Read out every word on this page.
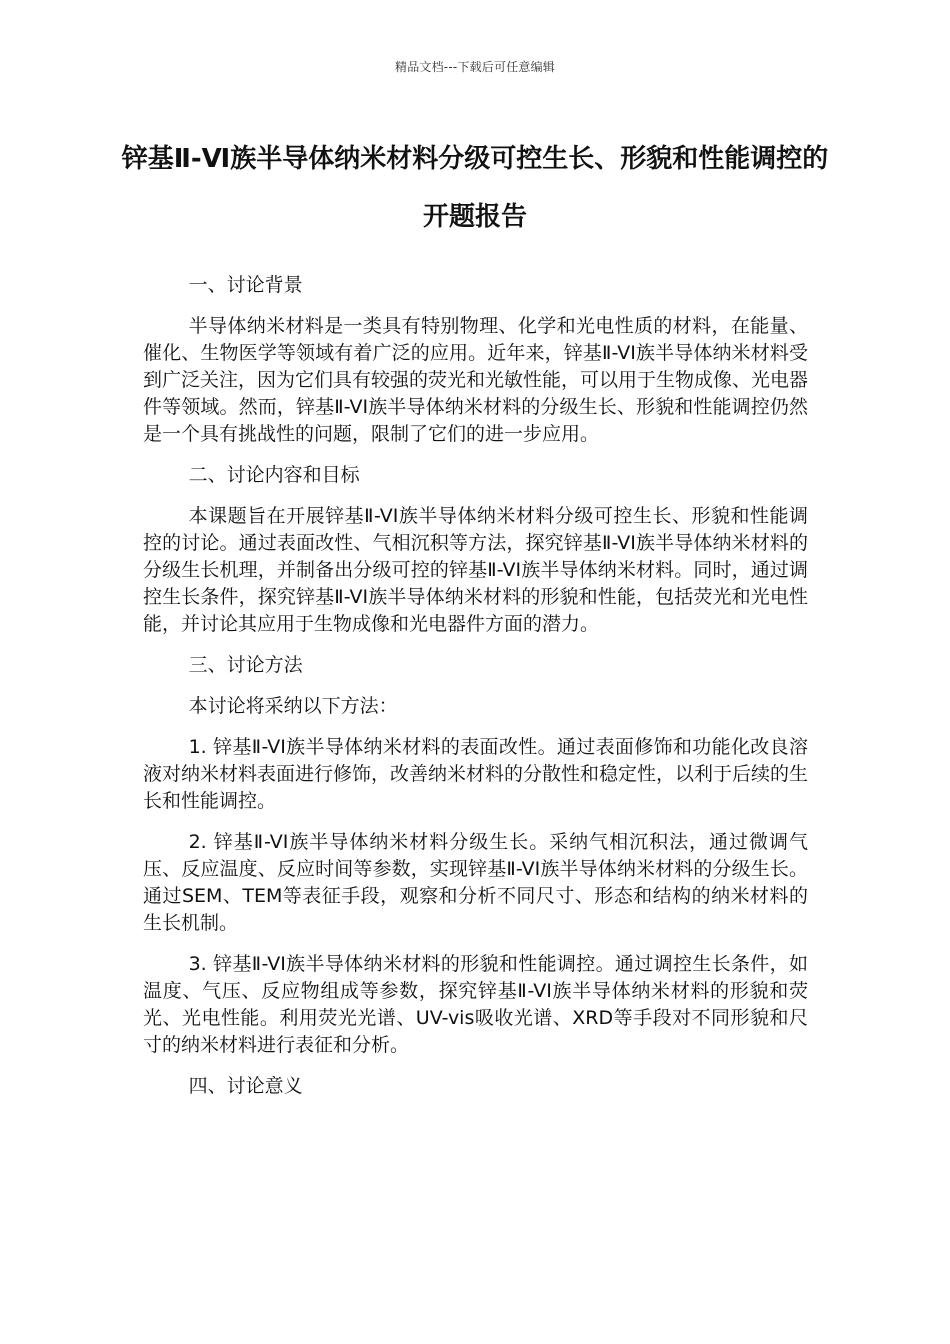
精品文档---下载后可任意编辑
锌基Ⅱ-Ⅵ族半导体纳米材料分级可控生长、形貌和性能调控的开题报告

一、讨论背景

半导体纳米材料是一类具有特别物理、化学和光电性质的材料，在能量、催化、生物医学等领域有着广泛的应用。近年来，锌基Ⅱ-VI族半导体纳米材料受到广泛关注，因为它们具有较强的荧光和光敏性能，可以用于生物成像、光电器件等领域。然而，锌基Ⅱ-VI族半导体纳米材料的分级生长、形貌和性能调控仍然是一个具有挑战性的问题，限制了它们的进一步应用。

二、讨论内容和目标

本课题旨在开展锌基Ⅱ-VI族半导体纳米材料分级可控生长、形貌和性能调控的讨论。通过表面改性、气相沉积等方法，探究锌基Ⅱ-VI族半导体纳米材料的分级生长机理，并制备出分级可控的锌基Ⅱ-VI族半导体纳米材料。同时，通过调控生长条件，探究锌基Ⅱ-VI族半导体纳米材料的形貌和性能，包括荧光和光电性能，并讨论其应用于生物成像和光电器件方面的潜力。

三、讨论方法

本讨论将采纳以下方法：

1. 锌基Ⅱ-VI族半导体纳米材料的表面改性。通过表面修饰和功能化改良溶液对纳米材料表面进行修饰，改善纳米材料的分散性和稳定性，以利于后续的生长和性能调控。

2. 锌基Ⅱ-VI族半导体纳米材料分级生长。采纳气相沉积法，通过微调气压、反应温度、反应时间等参数，实现锌基Ⅱ-VI族半导体纳米材料的分级生长。通过SEM、TEM等表征手段，观察和分析不同尺寸、形态和结构的纳米材料的生长机制。

3. 锌基Ⅱ-VI族半导体纳米材料的形貌和性能调控。通过调控生长条件，如温度、气压、反应物组成等参数，探究锌基Ⅱ-VI族半导体纳米材料的形貌和荧光、光电性能。利用荧光光谱、UV-vis吸收光谱、XRD等手段对不同形貌和尺寸的纳米材料进行表征和分析。

四、讨论意义
